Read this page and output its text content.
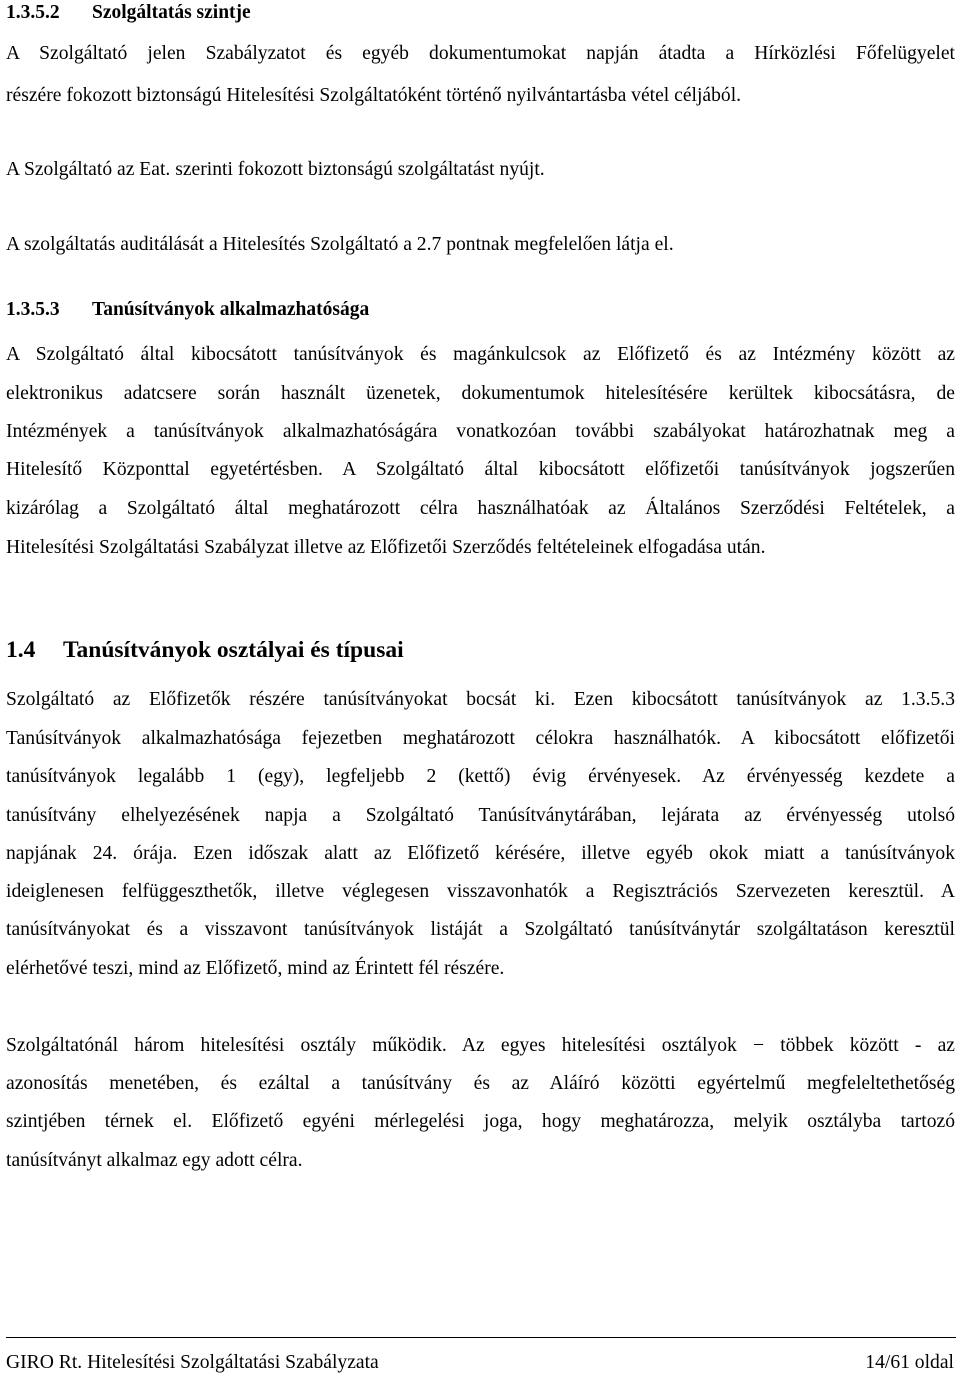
1.3.5.2 Szolgáltatás szintje
A Szolgáltató jelen Szabályzatot és egyéb dokumentumokat napján átadta a Hírközlési Főfelügyelet
részére fokozott biztonságú Hitelesítési Szolgáltatóként történő nyilvántartásba vétel céljából.
A Szolgáltató az Eat. szerinti fokozott biztonságú szolgáltatást nyújt.
A szolgáltatás auditálását a Hitelesítés Szolgáltató a 2.7 pontnak megfelelően látja el.
1.3.5.3 Tanúsítványok alkalmazhatósága
A Szolgáltató által kibocsátott tanúsítványok és magánkulcsok az Előfizető és az Intézmény között az
elektronikus adatcsere során használt üzenetek, dokumentumok hitelesítésére kerültek kibocsátásra, de
Intézmények a tanúsítványok alkalmazhatóságára vonatkozóan további szabályokat határozhatnak meg a
Hitelesítő Központtal egyetértésben. A Szolgáltató által kibocsátott előfizetői tanúsítványok jogszerűen
kizárólag a Szolgáltató által meghatározott célra használhatóak az Általános Szerződési Feltételek, a
Hitelesítési Szolgáltatási Szabályzat illetve az Előfizetői Szerződés feltételeinek elfogadása után.
1.4 Tanúsítványok osztályai és típusai
Szolgáltató az Előfizetők részére tanúsítványokat bocsát ki. Ezen kibocsátott tanúsítványok az 1.3.5.3
Tanúsítványok alkalmazhatósága fejezetben meghatározott célokra használhatók. A kibocsátott előfizetői
tanúsítványok legalább 1 (egy), legfeljebb 2 (kettő) évig érvényesek. Az érvényesség kezdete a
tanúsítvány elhelyezésének napja a Szolgáltató Tanúsítványtárában, lejárata az érvényesség utolsó
napjának 24. órája. Ezen időszak alatt az Előfizető kérésére, illetve egyéb okok miatt a tanúsítványok
ideiglenesen felfüggeszthetők, illetve véglegesen visszavonhatók a Regisztrációs Szervezeten keresztül. A
tanúsítványokat és a visszavont tanúsítványok listáját a Szolgáltató tanúsítványtár szolgáltatáson keresztül
elérhetővé teszi, mind az Előfizető, mind az Érintett fél részére.
Szolgáltatónál három hitelesítési osztály működik. Az egyes hitelesítési osztályok − többek között - az
azonosítás menetében, és ezáltal a tanúsítvány és az Aláíró közötti egyértelmű megfeleltethetőség
szintjében térnek el. Előfizető egyéni mérlegelési joga, hogy meghatározza, melyik osztályba tartozó
tanúsítványt alkalmaz egy adott célra.
GIRO Rt. Hitelesítési Szolgáltatási Szabályzata	14/61 oldal
